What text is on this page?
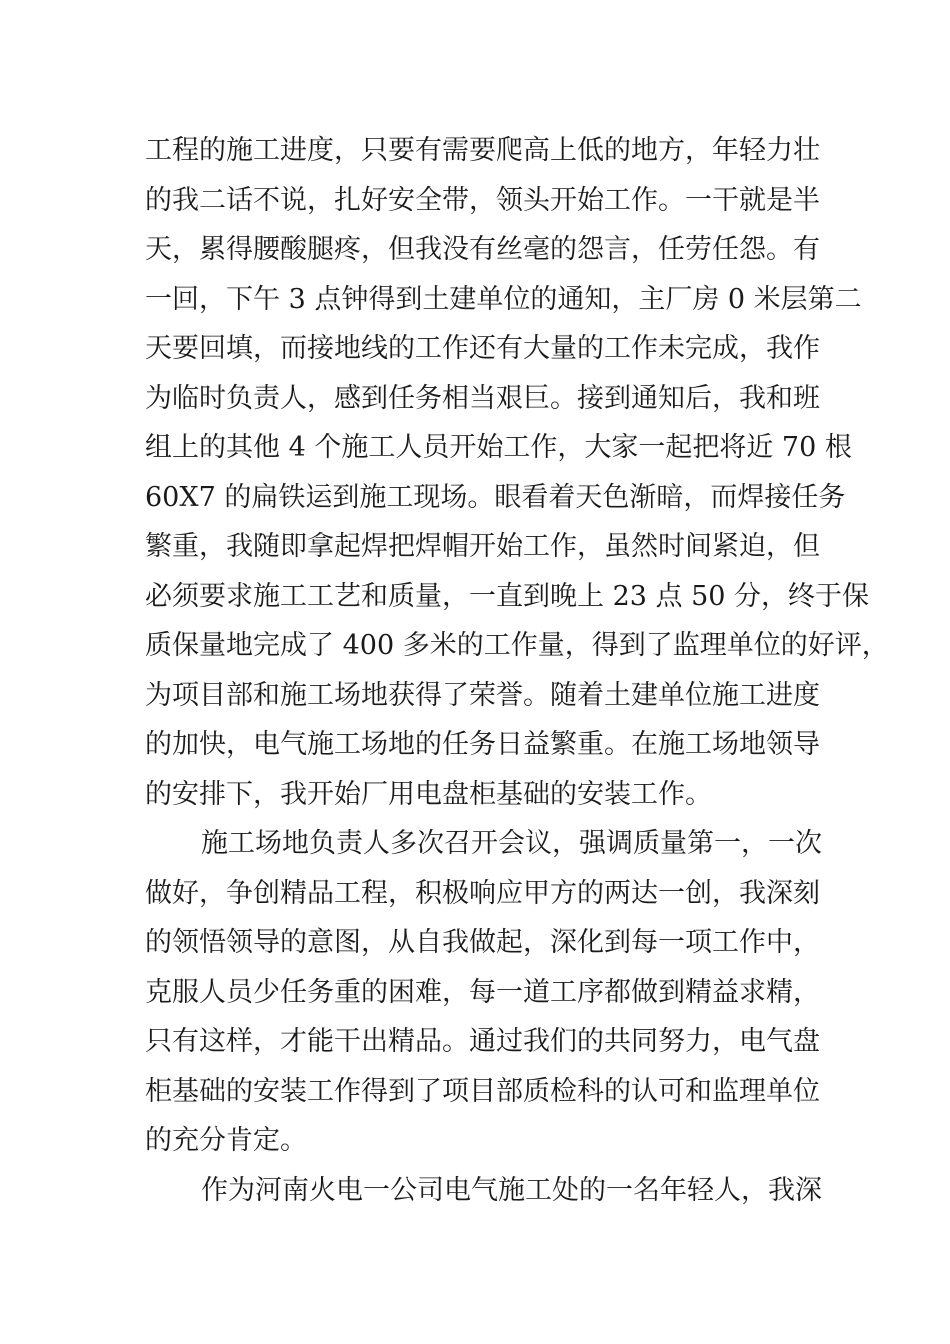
工程的施工进度，只要有需要爬高上低的地方，年轻力壮
的我二话不说，扎好安全带，领头开始工作。一干就是半
天，累得腰酸腿疼，但我没有丝毫的怨言，任劳任怨。有
一回，下午 3 点钟得到土建单位的通知，主厂房 0 米层第二
天要回填，而接地线的工作还有大量的工作未完成，我作
为临时负责人，感到任务相当艰巨。接到通知后，我和班
组上的其他 4 个施工人员开始工作，大家一起把将近 70 根
60X7 的扁铁运到施工现场。眼看着天色渐暗，而焊接任务
繁重，我随即拿起焊把焊帽开始工作，虽然时间紧迫，但
必须要求施工工艺和质量，一直到晚上 23 点 50 分，终于保
质保量地完成了 400 多米的工作量，得到了监理单位的好评，
为项目部和施工场地获得了荣誉。随着土建单位施工进度
的加快，电气施工场地的任务日益繁重。在施工场地领导
的安排下，我开始厂用电盘柜基础的安装工作。
施工场地负责人多次召开会议，强调质量第一，一次
做好，争创精品工程，积极响应甲方的两达一创，我深刻
的领悟领导的意图，从自我做起，深化到每一项工作中，
克服人员少任务重的困难，每一道工序都做到精益求精，
只有这样，才能干出精品。通过我们的共同努力，电气盘
柜基础的安装工作得到了项目部质检科的认可和监理单位
的充分肯定。
作为河南火电一公司电气施工处的一名年轻人，我深
